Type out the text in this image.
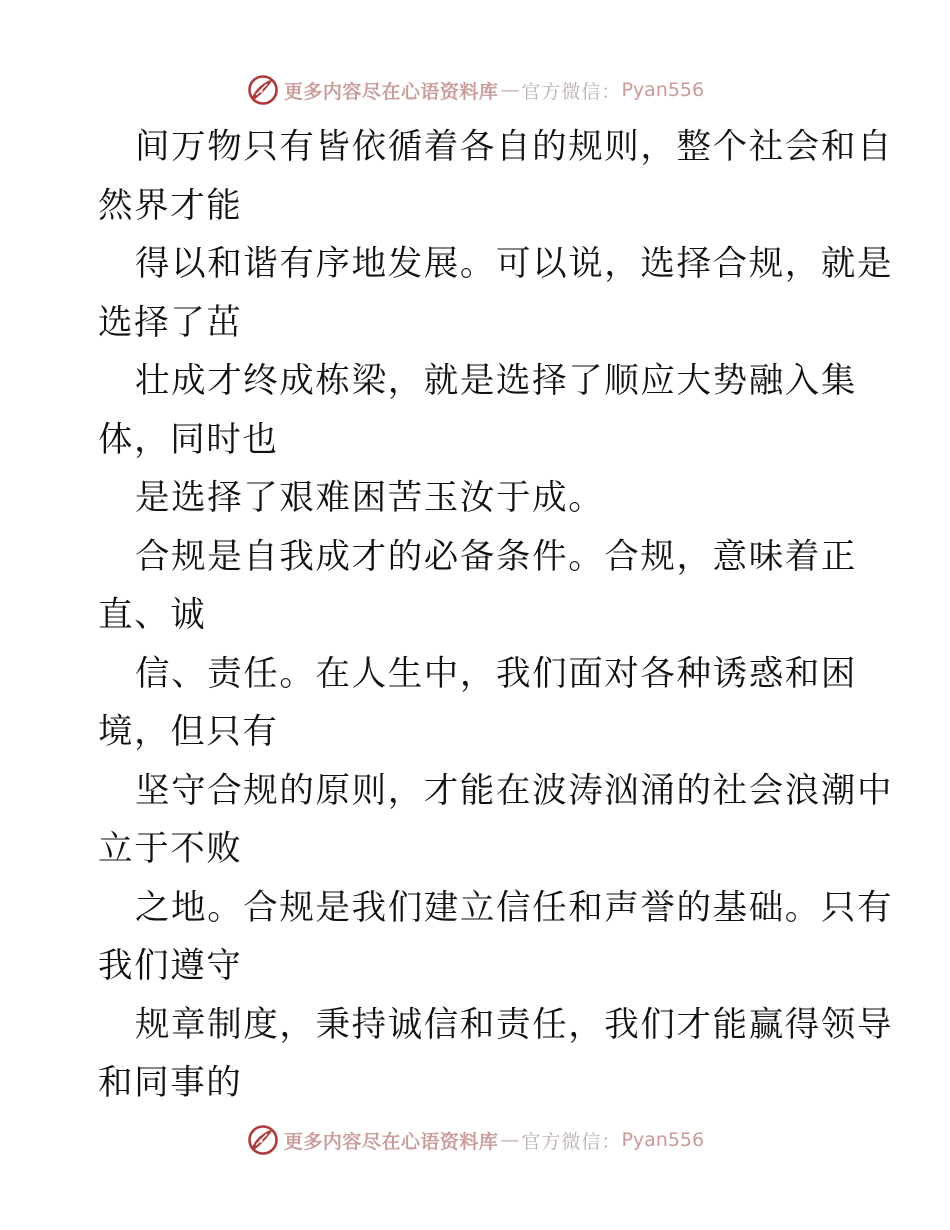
更多内容尽在心语资料库 — 官方微信： Pyan556
间万物只有皆依循着各自的规则，整个社会和自
然界才能
得以和谐有序地发展。可以说，选择合规，就是
选择了茁
壮成才终成栋梁，就是选择了顺应大势融入集
体，同时也
是选择了艰难困苦玉汝于成。
合规是自我成才的必备条件。合规，意味着正
直、诚
信、责任。在人生中，我们面对各种诱惑和困
境，但只有
坚守合规的原则，才能在波涛汹涌的社会浪潮中
立于不败
之地。合规是我们建立信任和声誉的基础。只有
我们遵守
规章制度，秉持诚信和责任，我们才能赢得领导
和同事的
更多内容尽在心语资料库 — 官方微信： Pyan556
